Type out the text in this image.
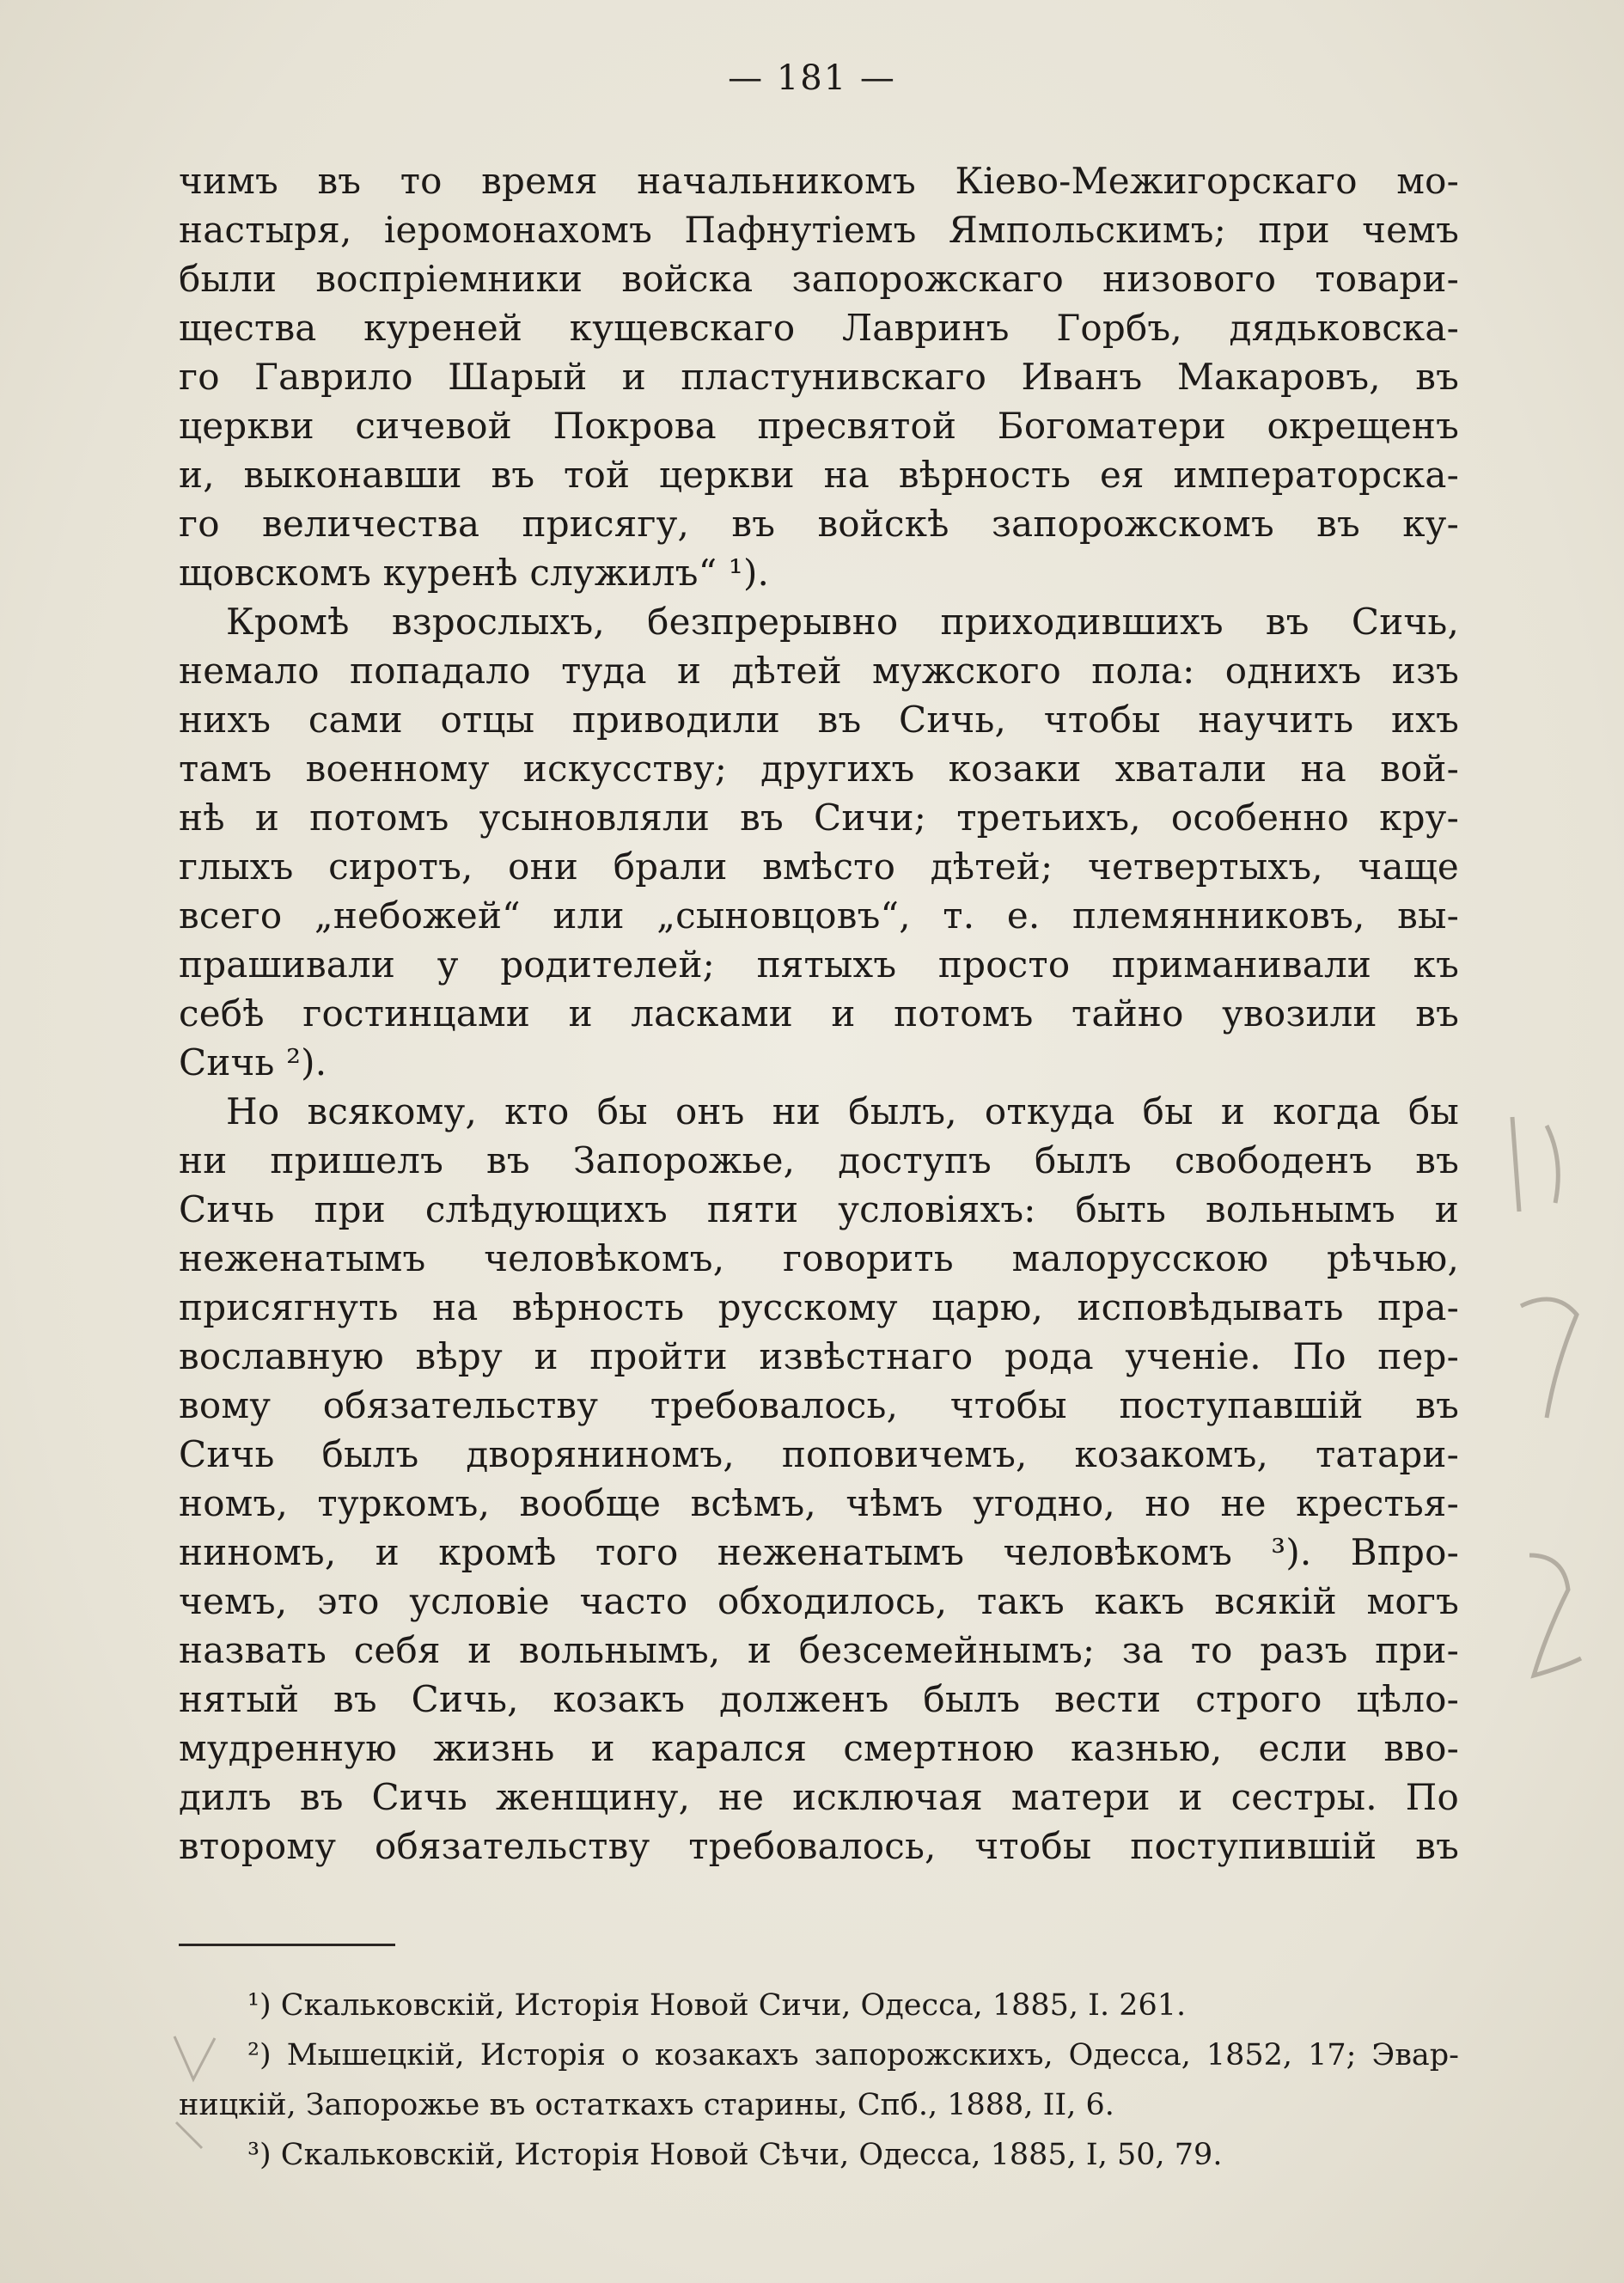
— 181 —
чимъ въ то время начальникомъ Кіево-Межигорскаго мо-
настыря, іеромонахомъ Пафнутіемъ Ямпольскимъ; при чемъ
были воспріемники войска запорожскаго низового товари-
щества куреней кущевскаго Лавринъ Горбъ, дядьковска-
го Гаврило Шарый и пластунивскаго Иванъ Макаровъ, въ
церкви сичевой Покрова пресвятой Богоматери окрещенъ
и, выконавши въ той церкви на вѣрность ея императорска-
го величества присягу, въ войскѣ запорожскомъ въ ку-
щовскомъ куренѣ служилъ“ ¹).
Кромѣ взрослыхъ, безпрерывно приходившихъ въ Сичь,
немало попадало туда и дѣтей мужского пола: однихъ изъ
нихъ сами отцы приводили въ Сичь, чтобы научить ихъ
тамъ военному искусству; другихъ козаки хватали на вой-
нѣ и потомъ усыновляли въ Сичи; третьихъ, особенно кру-
глыхъ сиротъ, они брали вмѣсто дѣтей; четвертыхъ, чаще
всего „небожей“ или „сыновцовъ“, т. е. племянниковъ, вы-
прашивали у родителей; пятыхъ просто приманивали къ
себѣ гостинцами и ласками и потомъ тайно увозили въ
Сичь ²).
Но всякому, кто бы онъ ни былъ, откуда бы и когда бы
ни пришелъ въ Запорожье, доступъ былъ свободенъ въ
Сичь при слѣдующихъ пяти условіяхъ: быть вольнымъ и
неженатымъ человѣкомъ, говорить малорусскою рѣчью,
присягнуть на вѣрность русскому царю, исповѣдывать пра-
вославную вѣру и пройти извѣстнаго рода ученіе. По пер-
вому обязательству требовалось, чтобы поступавшій въ
Сичь былъ дворяниномъ, поповичемъ, козакомъ, татари-
номъ, туркомъ, вообще всѣмъ, чѣмъ угодно, но не крестья-
ниномъ, и кромѣ того неженатымъ человѣкомъ ³). Впро-
чемъ, это условіе часто обходилось, такъ какъ всякій могъ
назвать себя и вольнымъ, и безсемейнымъ; за то разъ при-
нятый въ Сичь, козакъ долженъ былъ вести строго цѣло-
мудренную жизнь и карался смертною казнью, если вво-
дилъ въ Сичь женщину, не исключая матери и сестры. По
второму обязательству требовалось, чтобы поступившій въ
¹) Скальковскій, Исторія Новой Сичи, Одесса, 1885, I. 261.
²) Мышецкій, Исторія о козакахъ запорожскихъ, Одесса, 1852, 17; Эвар-
ницкій, Запорожье въ остаткахъ старины, Спб., 1888, II, 6.
³) Скальковскій, Исторія Новой Сѣчи, Одесса, 1885, I, 50, 79.
